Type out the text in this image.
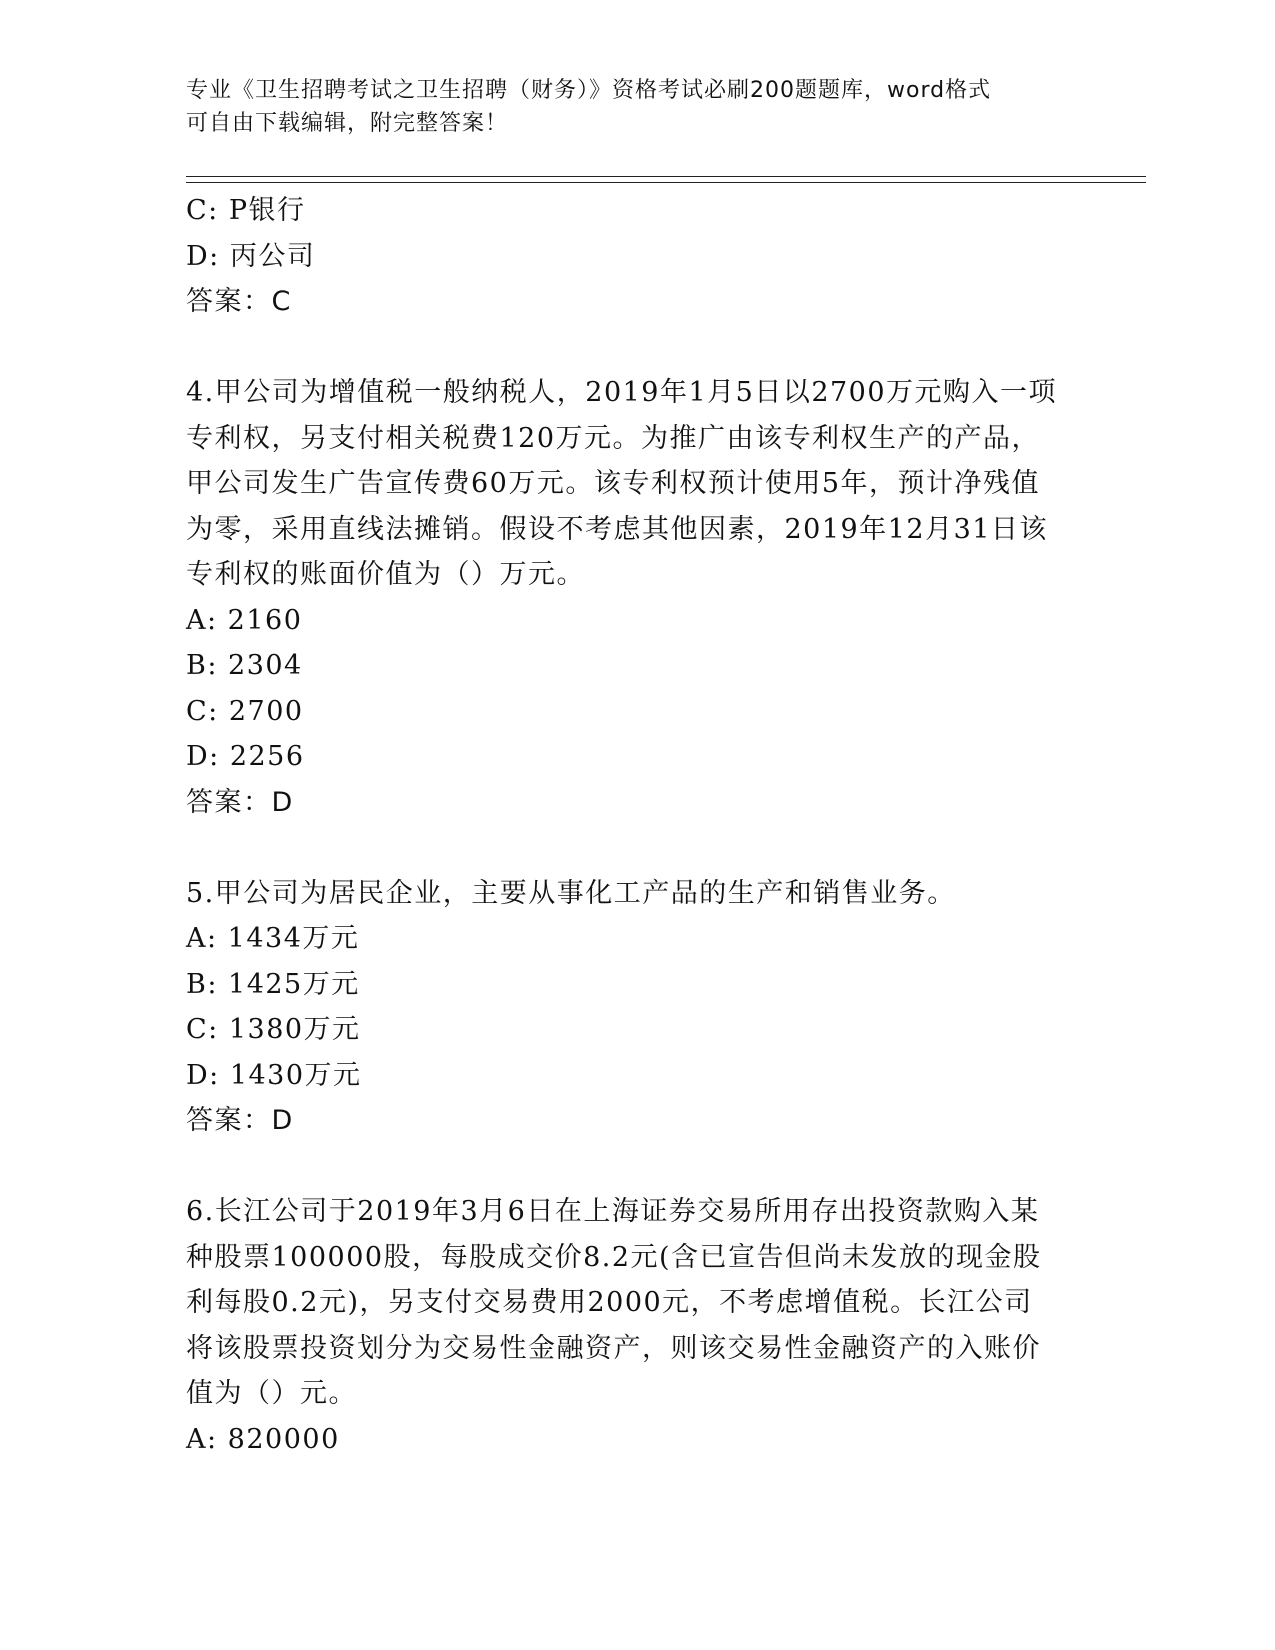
专业《卫生招聘考试之卫生招聘（财务）》资格考试必刷200题题库，word格式
可自由下载编辑，附完整答案！
C: P银行
D: 丙公司
答案：C
4.甲公司为增值税一般纳税人，2019年1月5日以2700万元购入一项
专利权，另支付相关税费120万元。为推广由该专利权生产的产品，
甲公司发生广告宣传费60万元。该专利权预计使用5年，预计净残值
为零，采用直线法摊销。假设不考虑其他因素，2019年12月31日该
专利权的账面价值为（）万元。
A: 2160
B: 2304
C: 2700
D: 2256
答案：D
5.甲公司为居民企业，主要从事化工产品的生产和销售业务。
A: 1434万元
B: 1425万元
C: 1380万元
D: 1430万元
答案：D
6.长江公司于2019年3月6日在上海证券交易所用存出投资款购入某
种股票100000股，每股成交价8.2元(含已宣告但尚未发放的现金股
利每股0.2元)，另支付交易费用2000元，不考虑增值税。长江公司
将该股票投资划分为交易性金融资产，则该交易性金融资产的入账价
值为（）元。
A: 820000
